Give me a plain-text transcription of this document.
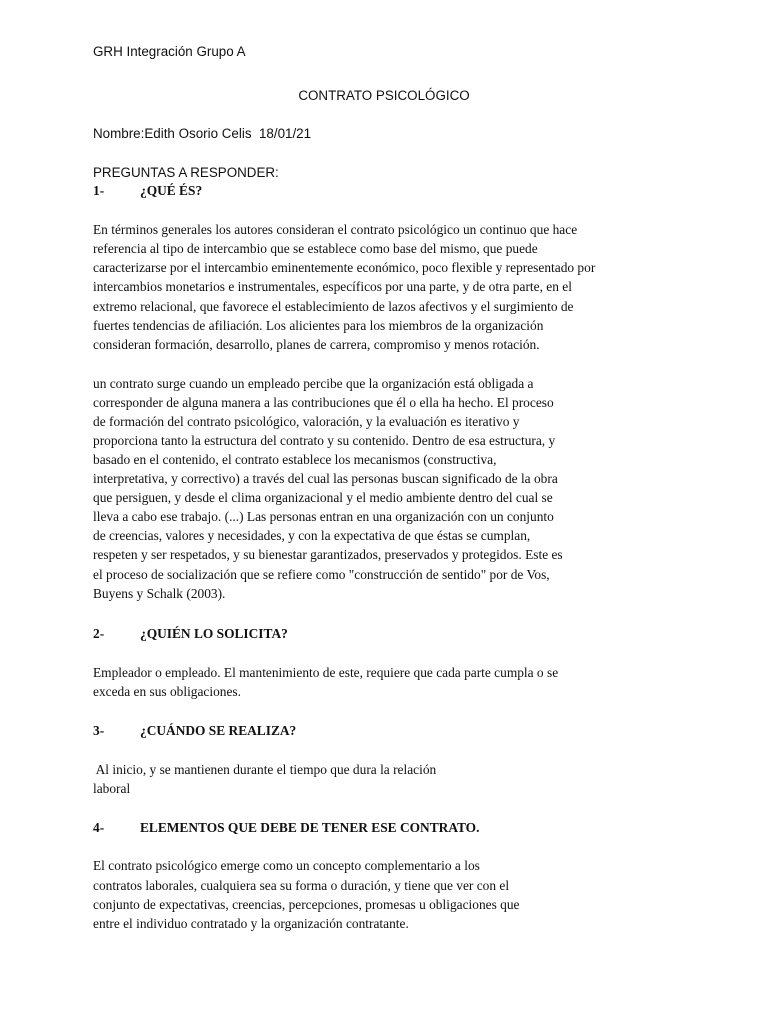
GRH Integración Grupo A
CONTRATO PSICOLÓGICO
Nombre:Edith Osorio Celis  18/01/21
PREGUNTAS A RESPONDER:
1-	¿QUÉ ÉS?
En términos generales los autores consideran el contrato psicológico un continuo que hace
referencia al tipo de intercambio que se establece como base del mismo, que puede
caracterizarse por el intercambio eminentemente económico, poco flexible y representado por
intercambios monetarios e instrumentales, específicos por una parte, y de otra parte, en el
extremo relacional, que favorece el establecimiento de lazos afectivos y el surgimiento de
fuertes tendencias de afiliación. Los alicientes para los miembros de la organización
consideran formación, desarrollo, planes de carrera, compromiso y menos rotación.
un contrato surge cuando un empleado percibe que la organización está obligada a
corresponder de alguna manera a las contribuciones que él o ella ha hecho. El proceso
de formación del contrato psicológico, valoración, y la evaluación es iterativo y
proporciona tanto la estructura del contrato y su contenido. Dentro de esa estructura, y
basado en el contenido, el contrato establece los mecanismos (constructiva,
interpretativa, y correctivo) a través del cual las personas buscan significado de la obra
que persiguen, y desde el clima organizacional y el medio ambiente dentro del cual se
lleva a cabo ese trabajo. (...) Las personas entran en una organización con un conjunto
de creencias, valores y necesidades, y con la expectativa de que éstas se cumplan,
respeten y ser respetados, y su bienestar garantizados, preservados y protegidos. Este es
el proceso de socialización que se refiere como "construcción de sentido" por de Vos,
Buyens y Schalk (2003).
2-	¿QUIÉN LO SOLICITA?
Empleador o empleado. El mantenimiento de este, requiere que cada parte cumpla o se
exceda en sus obligaciones.
3-	¿CUÁNDO SE REALIZA?
Al inicio, y se mantienen durante el tiempo que dura la relación
laboral
4-	ELEMENTOS QUE DEBE DE TENER ESE CONTRATO.
El contrato psicológico emerge como un concepto complementario a los
contratos laborales, cualquiera sea su forma o duración, y tiene que ver con el
conjunto de expectativas, creencias, percepciones, promesas u obligaciones que
entre el individuo contratado y la organización contratante.
